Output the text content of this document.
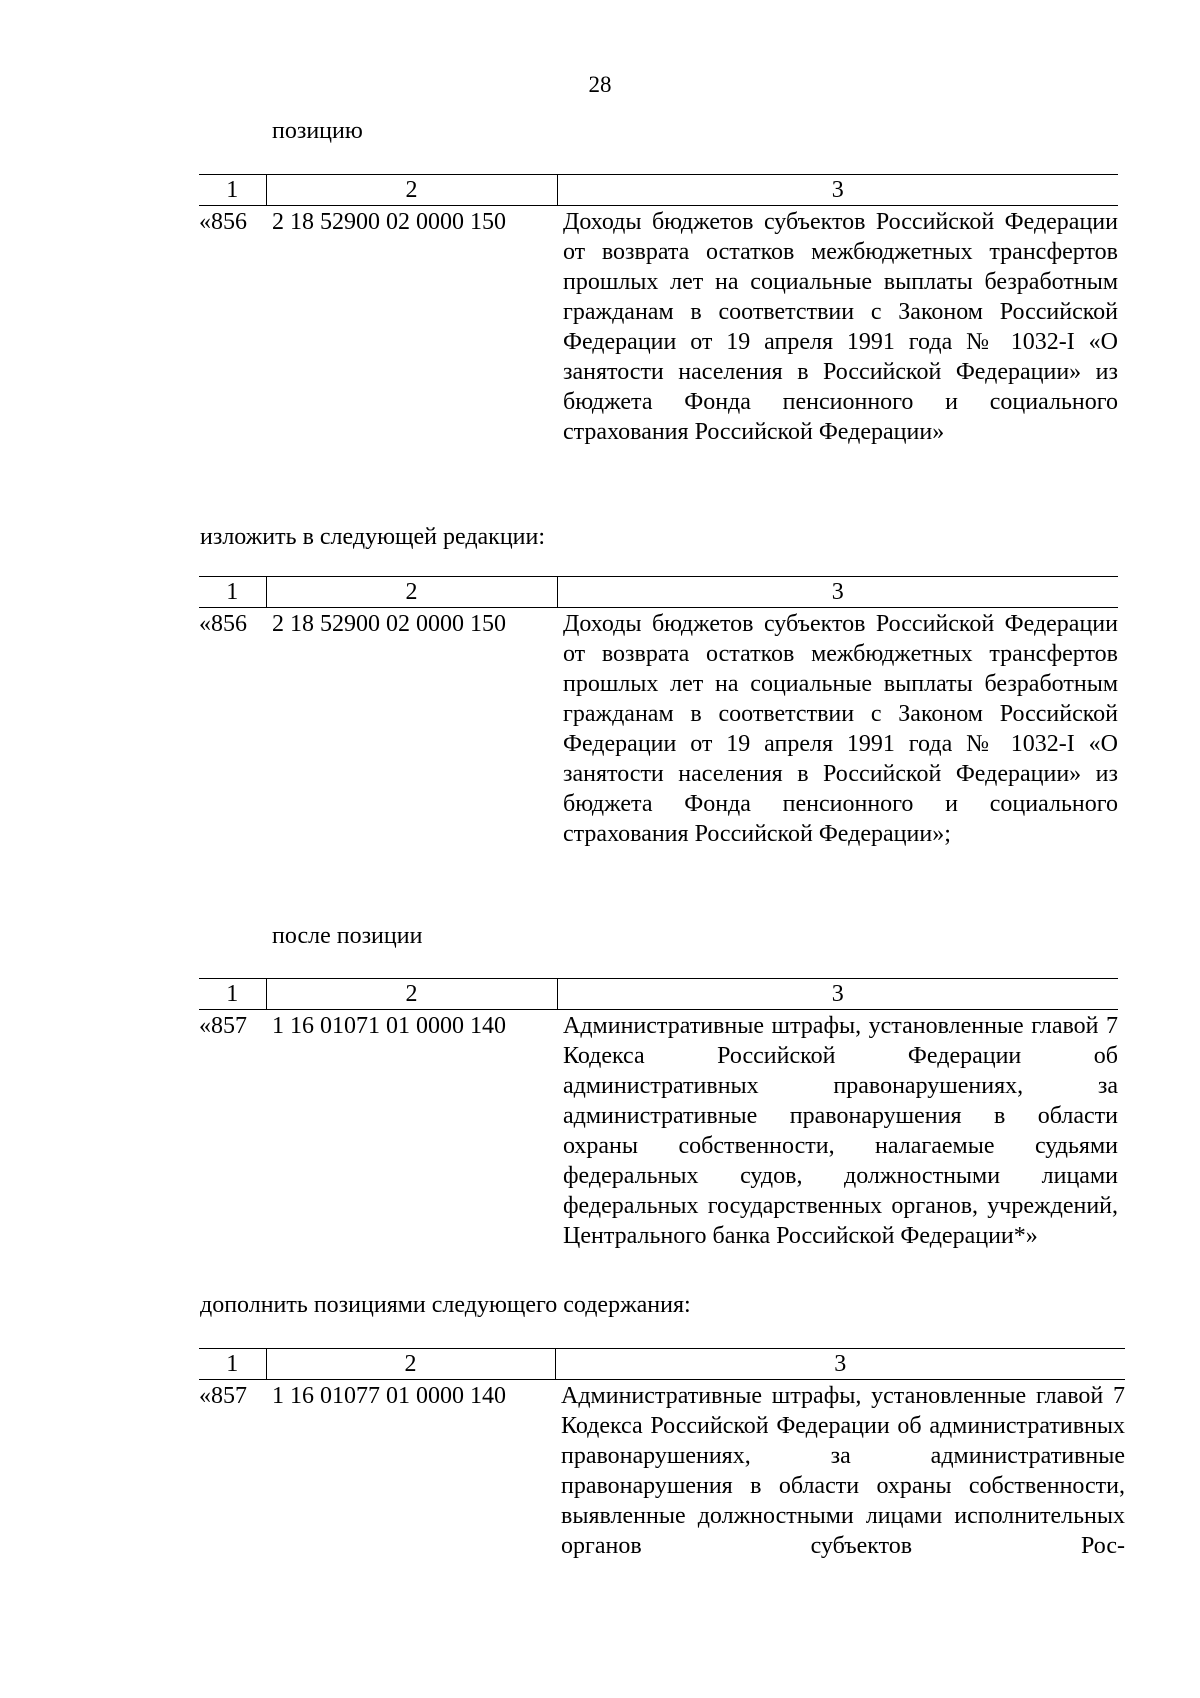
28
позицию
1	2	3
«856	2 18 52900 02 0000 150	Доходы бюджетов субъектов Российской Федерации от возврата остатков межбюджетных трансфертов прошлых лет на социальные выплаты безработным гражданам в соответствии с Законом Российской Федерации от 19 апреля 1991 года № 1032-I «О занятости населения в Российской Федерации» из бюджета Фонда пенсионного и социального страхования Российской Федерации»
изложить в следующей редакции:
1	2	3
«856	2 18 52900 02 0000 150	Доходы бюджетов субъектов Российской Федерации от возврата остатков межбюджетных трансфертов прошлых лет на социальные выплаты безработным гражданам в соответствии с Законом Российской Федерации от 19 апреля 1991 года № 1032-I «О занятости населения в Российской Федерации» из бюджета Фонда пенсионного и социального страхования Российской Федерации»;
после позиции
1	2	3
«857	1 16 01071 01 0000 140	Административные штрафы, установленные главой 7 Кодекса Российской Федерации об административных правонарушениях, за административные правонарушения в области охраны собственности, налагаемые судьями федеральных судов, должностными лицами федеральных государственных органов, учреждений, Центрального банка Российской Федерации*»
дополнить позициями следующего содержания:
1	2	3
«857	1 16 01077 01 0000 140	Административные штрафы, установленные главой 7 Кодекса Российской Федерации об административных правонарушениях, за административные правонарушения в области охраны собственности, выявленные должностными лицами исполнительных органов субъектов Рос-
